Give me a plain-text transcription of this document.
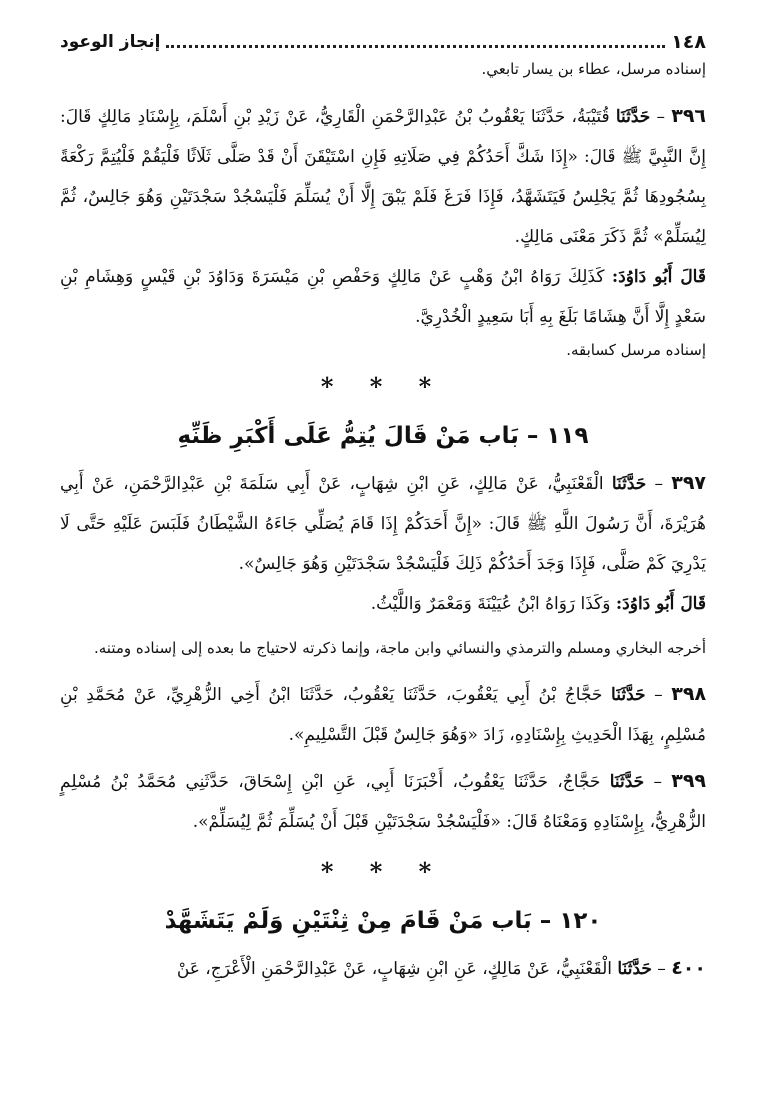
١٤٨
إنجاز الوعود

إسناده مرسل، عطاء بن يسار تابعي.

٣٩٦ – حَدَّثَنَا قُتَيْبَةُ، حَدَّثَنَا يَعْقُوبُ بْنُ عَبْدِالرَّحْمَنِ الْقَارِيُّ، عَنْ زَيْدِ بْنِ أَسْلَمَ، بِإِسْنَادِ مَالِكٍ قَالَ: إِنَّ النَّبِيَّ ﷺ قَالَ: «إِذَا شَكَّ أَحَدُكُمْ فِي صَلَاتِهِ فَإِنِ اسْتَيْقَنَ أَنْ قَدْ صَلَّى ثَلَاثًا فَلْيَقُمْ فَلْيُتِمَّ رَكْعَةً بِسُجُودِهَا ثُمَّ يَجْلِسُ فَيَتَشَهَّدُ، فَإِذَا فَرَغَ فَلَمْ يَبْقَ إِلَّا أَنْ يُسَلِّمَ فَلْيَسْجُدْ سَجْدَتَيْنِ وَهُوَ جَالِسٌ، ثُمَّ لِيُسَلِّمْ» ثُمَّ ذَكَرَ مَعْنَى مَالِكٍ.

قَالَ أَبُو دَاوُدَ: كَذَلِكَ رَوَاهُ ابْنُ وَهْبٍ عَنْ مَالِكٍ وَحَفْصِ بْنِ مَيْسَرَةَ وَدَاوُدَ بْنِ قَيْسٍ وَهِشَامِ بْنِ سَعْدٍ إِلَّا أَنَّ هِشَامًا بَلَغَ بِهِ أَبَا سَعِيدٍ الْخُدْرِيَّ.

إسناده مرسل كسابقه.

* * *
١١٩ – بَاب مَنْ قَالَ يُتِمُّ عَلَى أَكْبَرِ ظَنِّهِ

٣٩٧ – حَدَّثَنَا الْقَعْنَبِيُّ، عَنْ مَالِكٍ، عَنِ ابْنِ شِهَابٍ، عَنْ أَبِي سَلَمَةَ بْنِ عَبْدِالرَّحْمَنِ، عَنْ أَبِي هُرَيْرَةَ، أَنَّ رَسُولَ اللَّهِ ﷺ قَالَ: «إِنَّ أَحَدَكُمْ إِذَا قَامَ يُصَلِّي جَاءَهُ الشَّيْطَانُ فَلَبَسَ عَلَيْهِ حَتَّى لَا يَدْرِيَ كَمْ صَلَّى، فَإِذَا وَجَدَ أَحَدُكُمْ ذَلِكَ فَلْيَسْجُدْ سَجْدَتَيْنِ وَهُوَ جَالِسٌ».

قَالَ أَبُو دَاوُدَ: وَكَذَا رَوَاهُ ابْنُ عُيَيْنَةَ وَمَعْمَرٌ وَاللَّيْثُ.

أخرجه البخاري ومسلم والترمذي والنسائي وابن ماجة، وإنما ذكرته لاحتياج ما بعده إلى إسناده ومتنه.

٣٩٨ – حَدَّثَنَا حَجَّاجُ بْنُ أَبِي يَعْقُوبَ، حَدَّثَنَا يَعْقُوبُ، حَدَّثَنَا ابْنُ أَخِي الزُّهْرِيِّ، عَنْ مُحَمَّدِ بْنِ مُسْلِمٍ، بِهَذَا الْحَدِيثِ بِإِسْنَادِهِ، زَادَ «وَهُوَ جَالِسٌ قَبْلَ التَّسْلِيمِ».

٣٩٩ – حَدَّثَنَا حَجَّاجٌ، حَدَّثَنَا يَعْقُوبُ، أَخْبَرَنَا أَبِي، عَنِ ابْنِ إِسْحَاقَ، حَدَّثَنِي مُحَمَّدُ بْنُ مُسْلِمٍ الزُّهْرِيُّ، بِإِسْنَادِهِ وَمَعْنَاهُ قَالَ: «فَلْيَسْجُدْ سَجْدَتَيْنِ قَبْلَ أَنْ يُسَلِّمَ ثُمَّ لِيُسَلِّمْ».

* * *
١٢٠ – بَاب مَنْ قَامَ مِنْ ثِنْتَيْنِ وَلَمْ يَتَشَهَّدْ

٤٠٠ – حَدَّثَنَا الْقَعْنَبِيُّ، عَنْ مَالِكٍ، عَنِ ابْنِ شِهَابٍ، عَنْ عَبْدِالرَّحْمَنِ الْأَعْرَجِ، عَنْ
